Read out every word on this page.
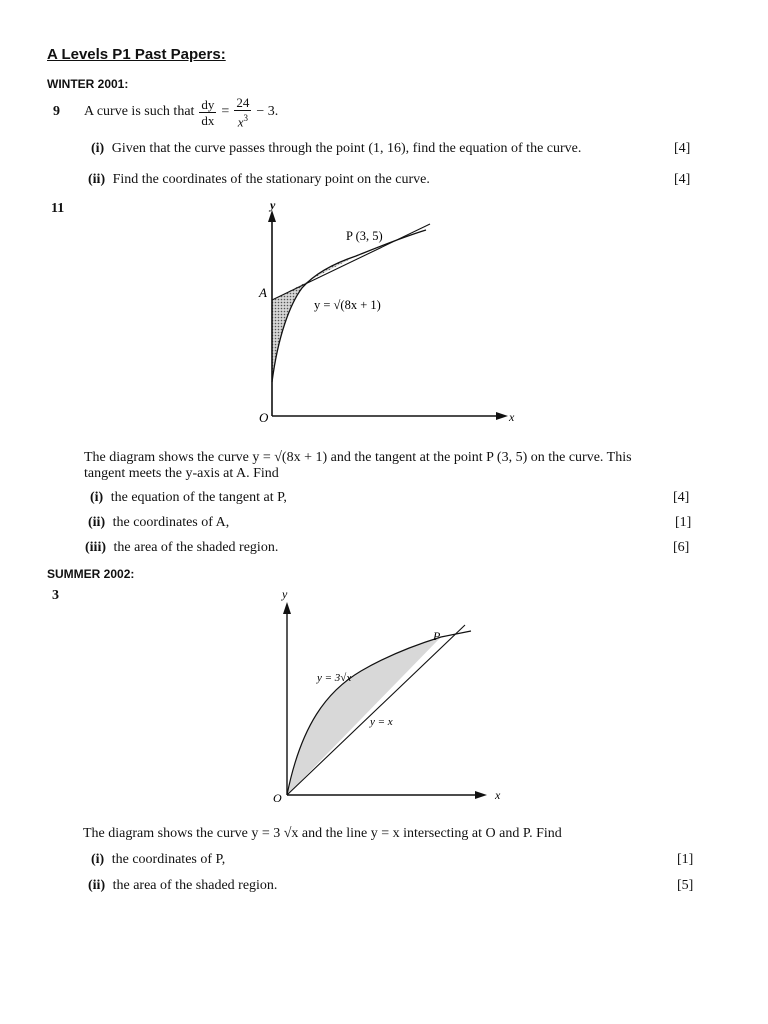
A Levels P1 Past Papers:
WINTER 2001:
9 A curve is such that $\frac{dy}{dx} = \frac{24}{x^3} - 3$.
(i) Given that the curve passes through the point (1, 16), find the equation of the curve.	[4]
(ii) Find the coordinates of the stationary point on the curve.	[4]
11	y
x
O
A
P (3, 5)
y = √(8x + 1)
The diagram shows the curve y = √(8x + 1) and the tangent at the point P (3, 5) on the curve. This
tangent meets the y-axis at A. Find
(i) the equation of the tangent at P,	[4]
(ii) the coordinates of A,	[1]
(iii) the area of the shaded region.	[6]
SUMMER 2002:
3	y
x
O
P
y = 3√x
y = x
The diagram shows the curve y = 3 √x and the line y = x intersecting at O and P. Find
(i) the coordinates of P,	[1]
(ii) the area of the shaded region.	[5]
